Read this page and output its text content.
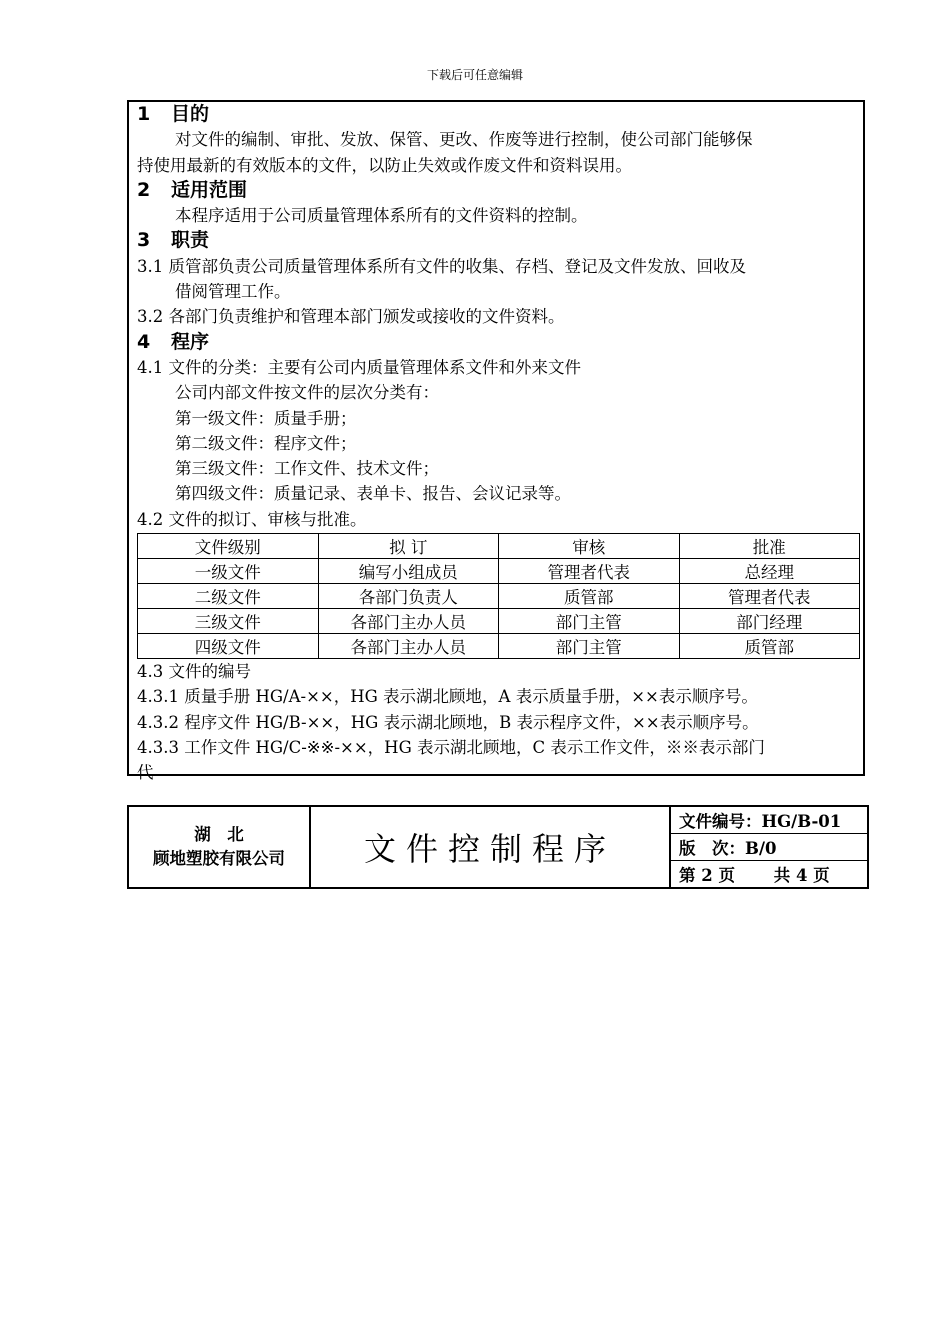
下载后可任意编辑
1 目的
对文件的编制、审批、发放、保管、更改、作废等进行控制，使公司部门能够保
持使用最新的有效版本的文件，以防止失效或作废文件和资料误用。
2 适用范围
本程序适用于公司质量管理体系所有的文件资料的控制。
3 职责
3.1 质管部负责公司质量管理体系所有文件的收集、存档、登记及文件发放、回收及
借阅管理工作。
3.2 各部门负责维护和管理本部门颁发或接收的文件资料。
4 程序
4.1 文件的分类：主要有公司内质量管理体系文件和外来文件
公司内部文件按文件的层次分类有：
第一级文件：质量手册；
第二级文件：程序文件；
第三级文件：工作文件、技术文件；
第四级文件：质量记录、表单卡、报告、会议记录等。
4.2 文件的拟订、审核与批准。
文件级别	拟 订	审核	批准
一级文件	编写小组成员	管理者代表	总经理
二级文件	各部门负责人	质管部	管理者代表
三级文件	各部门主办人员	部门主管	部门经理
四级文件	各部门主办人员	部门主管	质管部
4.3 文件的编号
4.3.1 质量手册 HG/A-××，HG 表示湖北顾地，A 表示质量手册，××表示顺序号。
4.3.2 程序文件 HG/B-××，HG 表示湖北顾地，B 表示程序文件，××表示顺序号。
4.3.3 工作文件 HG/C-※※-××，HG 表示湖北顾地，C 表示工作文件，※※表示部门
代
湖　北
顾地塑胶有限公司	文件控制程序
文件编号：HG/B-01
版　次：B/0
第 2 页　　 共 4 页
